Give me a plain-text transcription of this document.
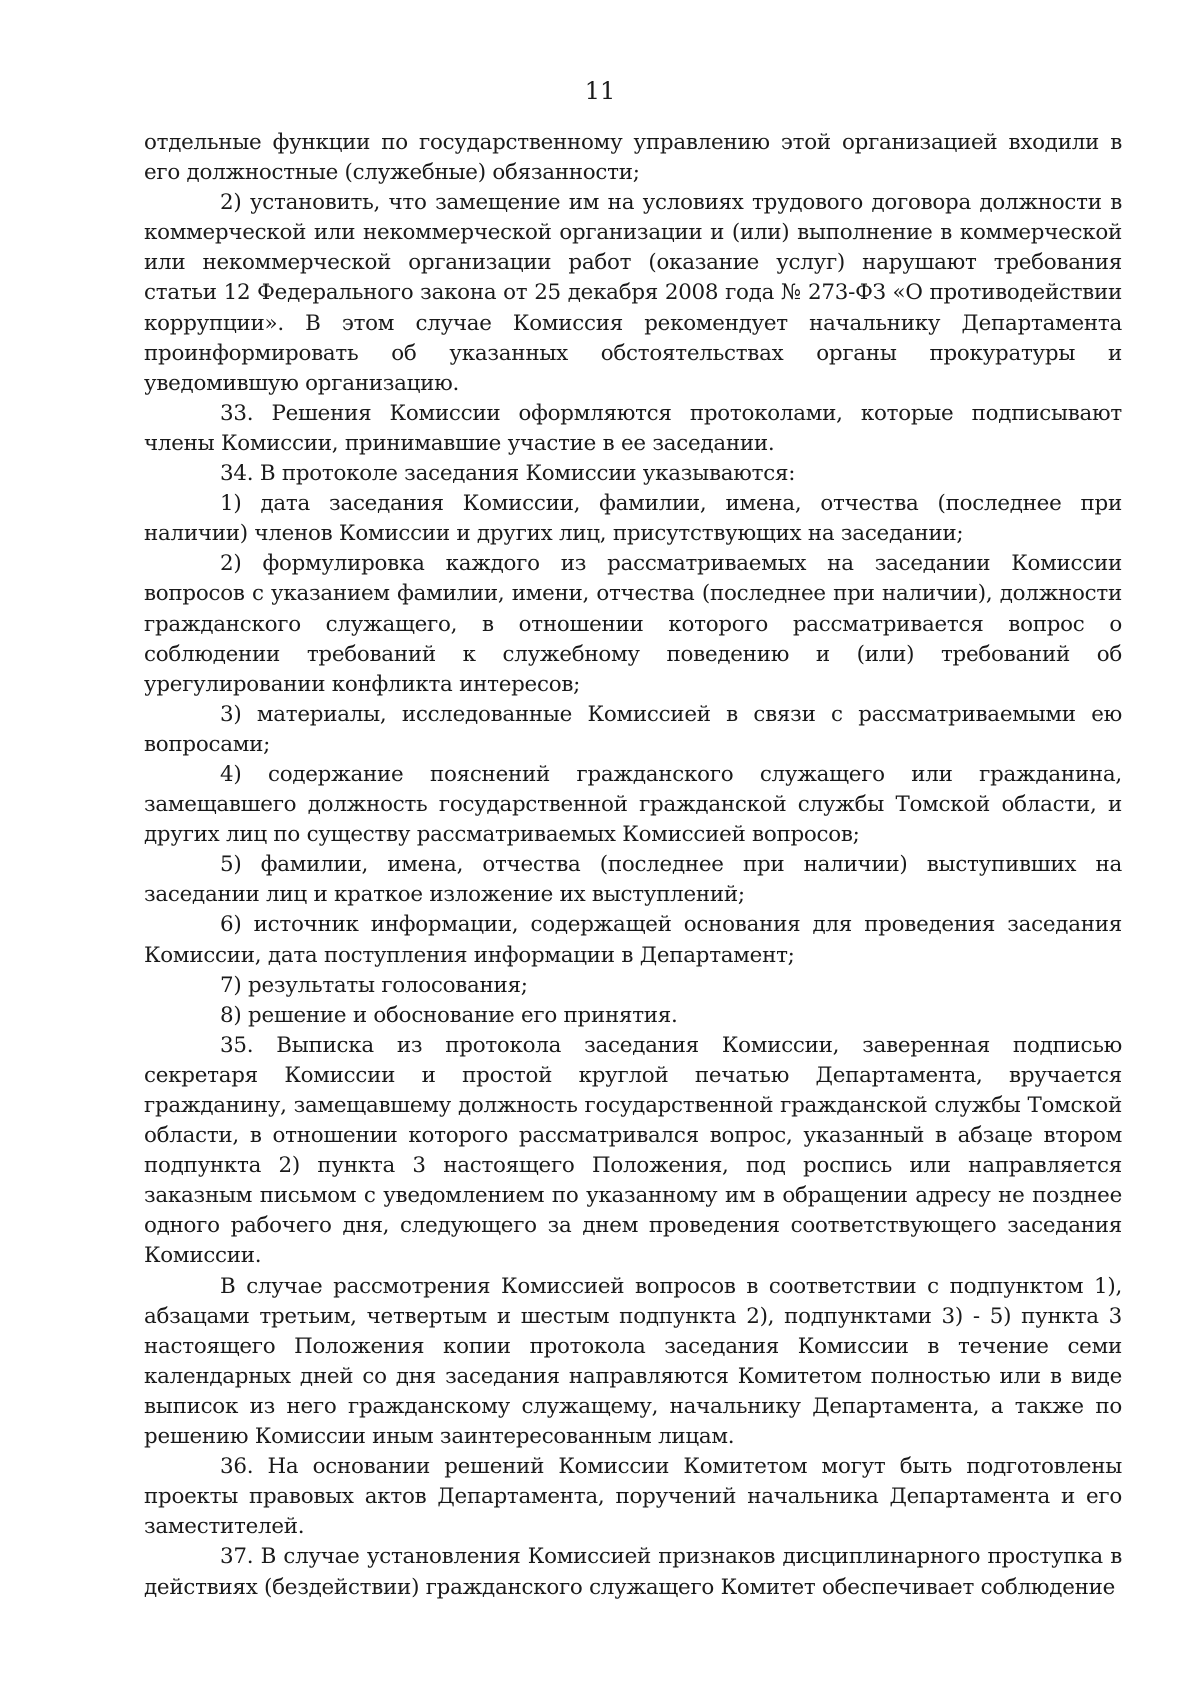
11

отдельные функции по государственному управлению этой организацией входили в его должностные (служебные) обязанности;

2) установить, что замещение им на условиях трудового договора должности в коммерческой или некоммерческой организации и (или) выполнение в коммерческой или некоммерческой организации работ (оказание услуг) нарушают требования статьи 12 Федерального закона от 25 декабря 2008 года № 273-ФЗ «О противодействии коррупции». В этом случае Комиссия рекомендует начальнику Департамента проинформировать об указанных обстоятельствах органы прокуратуры и уведомившую организацию.

33. Решения Комиссии оформляются протоколами, которые подписывают члены Комиссии, принимавшие участие в ее заседании.

34. В протоколе заседания Комиссии указываются:

1) дата заседания Комиссии, фамилии, имена, отчества (последнее при наличии) членов Комиссии и других лиц, присутствующих на заседании;

2) формулировка каждого из рассматриваемых на заседании Комиссии вопросов с указанием фамилии, имени, отчества (последнее при наличии), должности гражданского служащего, в отношении которого рассматривается вопрос о соблюдении требований к служебному поведению и (или) требований об урегулировании конфликта интересов;

3) материалы, исследованные Комиссией в связи с рассматриваемыми ею вопросами;

4) содержание пояснений гражданского служащего или гражданина, замещавшего должность государственной гражданской службы Томской области, и других лиц по существу рассматриваемых Комиссией вопросов;

5) фамилии, имена, отчества (последнее при наличии) выступивших на заседании лиц и краткое изложение их выступлений;

6) источник информации, содержащей основания для проведения заседания Комиссии, дата поступления информации в Департамент;

7) результаты голосования;

8) решение и обоснование его принятия.

35. Выписка из протокола заседания Комиссии, заверенная подписью секретаря Комиссии и простой круглой печатью Департамента, вручается гражданину, замещавшему должность государственной гражданской службы Томской области, в отношении которого рассматривался вопрос, указанный в абзаце втором подпункта 2) пункта 3 настоящего Положения, под роспись или направляется заказным письмом с уведомлением по указанному им в обращении адресу не позднее одного рабочего дня, следующего за днем проведения соответствующего заседания Комиссии.

В случае рассмотрения Комиссией вопросов в соответствии с подпунктом 1), абзацами третьим, четвертым и шестым подпункта 2), подпунктами 3) - 5) пункта 3 настоящего Положения копии протокола заседания Комиссии в течение семи календарных дней со дня заседания направляются Комитетом полностью или в виде выписок из него гражданскому служащему, начальнику Департамента, а также по решению Комиссии иным заинтересованным лицам.

36. На основании решений Комиссии Комитетом могут быть подготовлены проекты правовых актов Департамента, поручений начальника Департамента и его заместителей.

37. В случае установления Комиссией признаков дисциплинарного проступка в действиях (бездействии) гражданского служащего Комитет обеспечивает соблюдение
